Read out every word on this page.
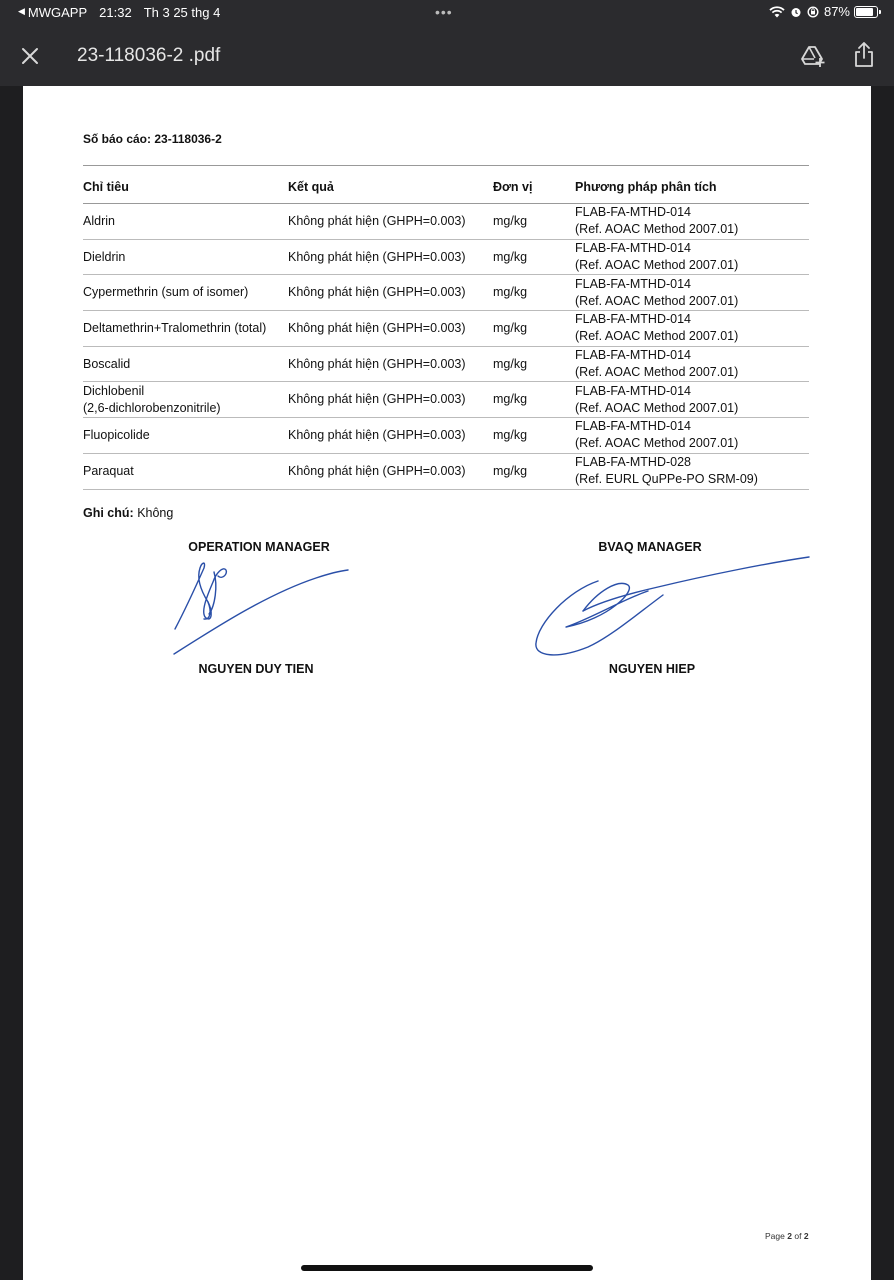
◀ MWGAPP 21:32 Th 3 25 thg 4	•••	87%
23-118036-2 .pdf
Số báo cáo: 23-118036-2
Chỉ tiêu	Kết quả	Đơn vị	Phương pháp phân tích
Aldrin	Không phát hiện (GHPH=0.003)	mg/kg	FLAB-FA-MTHD-014
(Ref. AOAC Method 2007.01)
Dieldrin	Không phát hiện (GHPH=0.003)	mg/kg	FLAB-FA-MTHD-014
(Ref. AOAC Method 2007.01)
Cypermethrin (sum of isomer)	Không phát hiện (GHPH=0.003)	mg/kg	FLAB-FA-MTHD-014
(Ref. AOAC Method 2007.01)
Deltamethrin+Tralomethrin (total)	Không phát hiện (GHPH=0.003)	mg/kg	FLAB-FA-MTHD-014
(Ref. AOAC Method 2007.01)
Boscalid	Không phát hiện (GHPH=0.003)	mg/kg	FLAB-FA-MTHD-014
(Ref. AOAC Method 2007.01)
Dichlobenil
(2,6-dichlorobenzonitrile)	Không phát hiện (GHPH=0.003)	mg/kg	FLAB-FA-MTHD-014
(Ref. AOAC Method 2007.01)
Fluopicolide	Không phát hiện (GHPH=0.003)	mg/kg	FLAB-FA-MTHD-014
(Ref. AOAC Method 2007.01)
Paraquat	Không phát hiện (GHPH=0.003)	mg/kg	FLAB-FA-MTHD-028
(Ref. EURL QuPPe-PO SRM-09)
Ghi chú: Không
OPERATION MANAGER
NGUYEN DUY TIEN
BVAQ MANAGER
NGUYEN HIEP
Page 2 of 2
